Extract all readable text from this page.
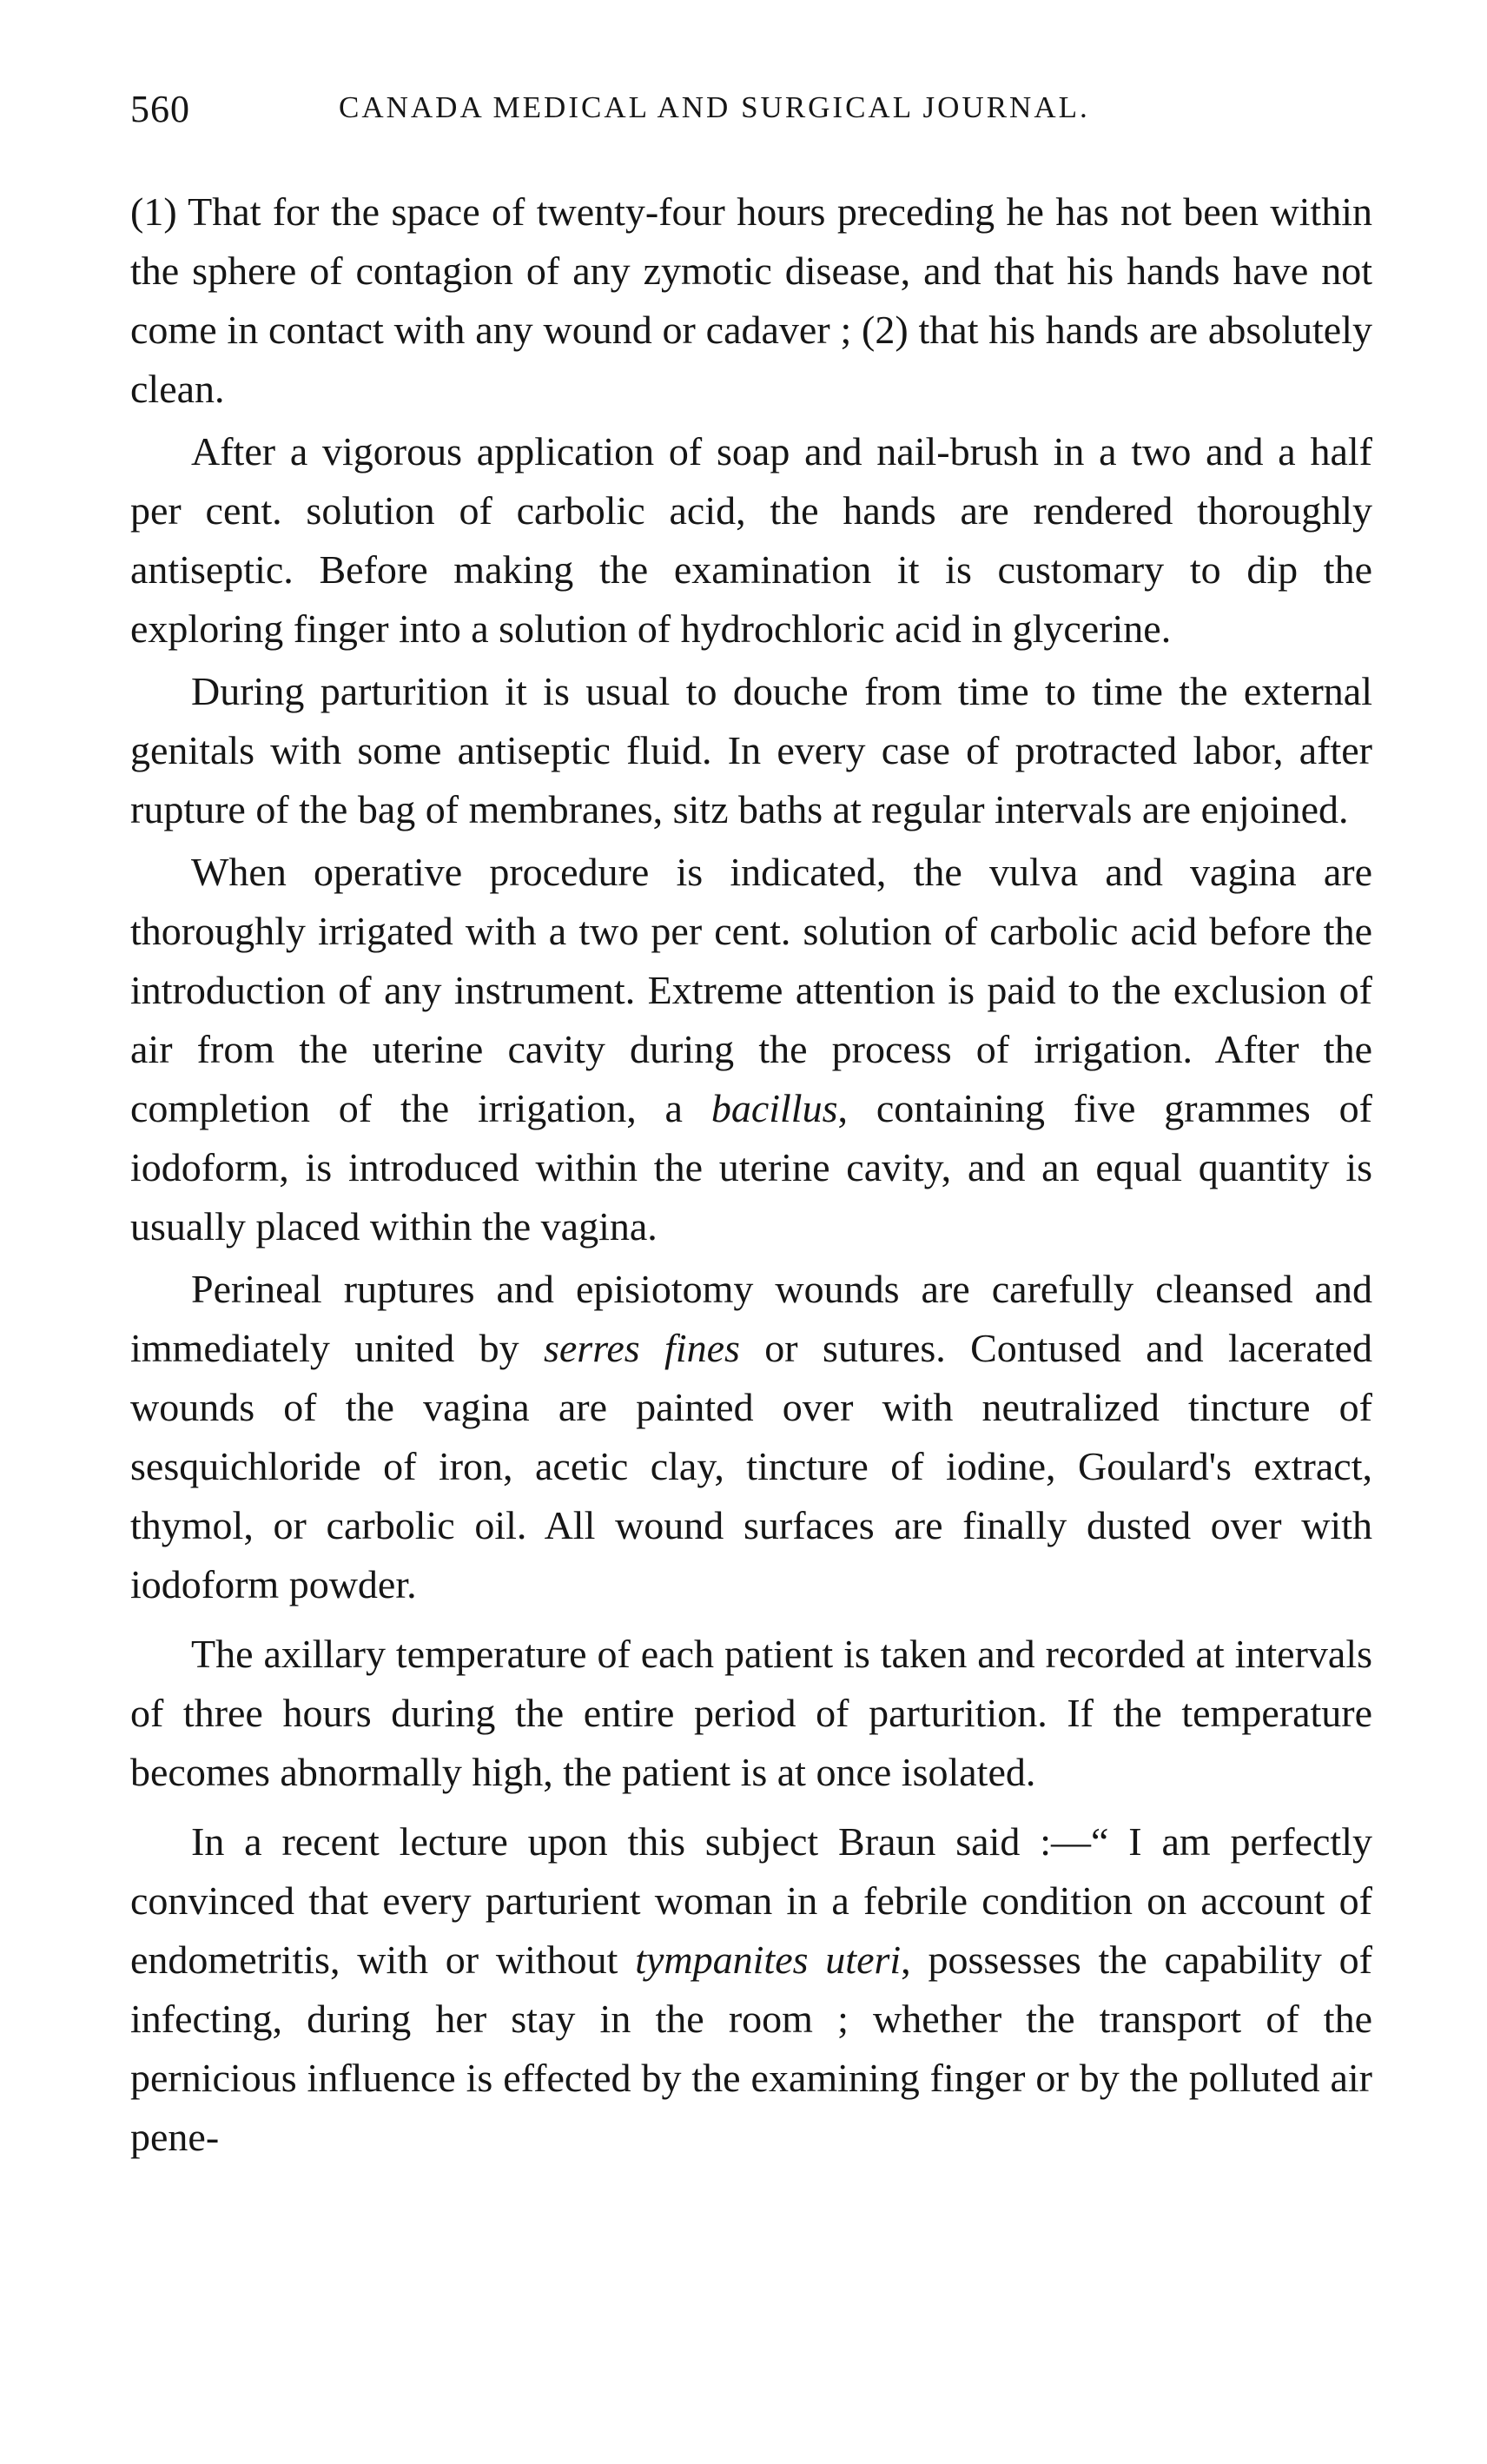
560	CANADA MEDICAL AND SURGICAL JOURNAL.

(1) That for the space of twenty-four hours preceding he has not been within the sphere of contagion of any zymotic disease, and that his hands have not come in contact with any wound or cadaver ; (2) that his hands are absolutely clean.

After a vigorous application of soap and nail-brush in a two and a half per cent. solution of carbolic acid, the hands are rendered thoroughly antiseptic. Before making the examination it is customary to dip the exploring finger into a solution of hydrochloric acid in glycerine.

During parturition it is usual to douche from time to time the external genitals with some antiseptic fluid. In every case of protracted labor, after rupture of the bag of membranes, sitz baths at regular intervals are enjoined.

When operative procedure is indicated, the vulva and vagina are thoroughly irrigated with a two per cent. solution of carbolic acid before the introduction of any instrument. Extreme attention is paid to the exclusion of air from the uterine cavity during the process of irrigation. After the completion of the irrigation, a bacillus, containing five grammes of iodoform, is introduced within the uterine cavity, and an equal quantity is usually placed within the vagina.

Perineal ruptures and episiotomy wounds are carefully cleansed and immediately united by serres fines or sutures. Contused and lacerated wounds of the vagina are painted over with neutralized tincture of sesquichloride of iron, acetic clay, tincture of iodine, Goulard's extract, thymol, or carbolic oil. All wound surfaces are finally dusted over with iodoform powder.

The axillary temperature of each patient is taken and recorded at intervals of three hours during the entire period of parturition. If the temperature becomes abnormally high, the patient is at once isolated.

In a recent lecture upon this subject Braun said :—“ I am perfectly convinced that every parturient woman in a febrile condition on account of endometritis, with or without tympanites uteri, possesses the capability of infecting, during her stay in the room ; whether the transport of the pernicious influence is effected by the examining finger or by the polluted air pene-
